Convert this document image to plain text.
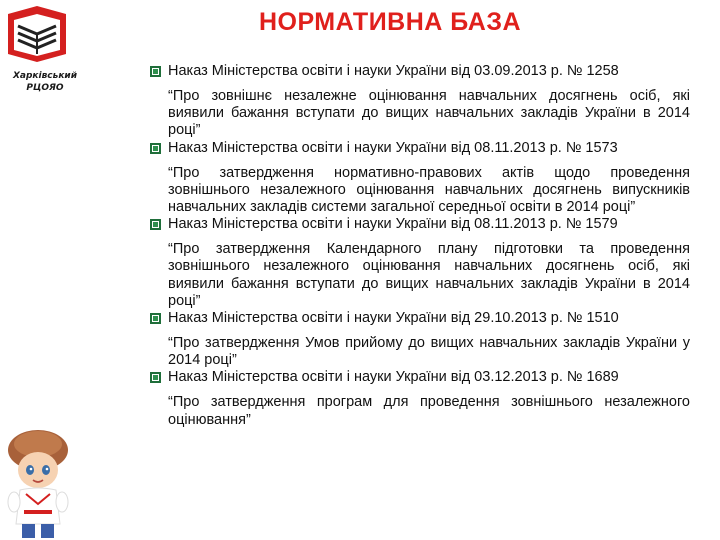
Харківський
РЦОЯО
НОРМАТИВНА БАЗА
Наказ Міністерства освіти і науки України від 03.09.2013 р. № 1258
“Про зовнішнє незалежне оцінювання навчальних досягнень осіб, які виявили бажання вступати до вищих навчальних закладів України в 2014 році”
Наказ Міністерства освіти і науки України від 08.11.2013 р. № 1573
“Про затвердження нормативно-правових актів щодо проведення зовнішнього незалежного оцінювання навчальних досягнень випускників навчальних закладів системи загальної середньої освіти в 2014 році”
Наказ Міністерства освіти і науки України від 08.11.2013 р. № 1579
“Про затвердження Календарного плану підготовки та проведення зовнішнього незалежного оцінювання навчальних досягнень осіб, які виявили бажання вступати до вищих навчальних закладів України в 2014 році”
Наказ Міністерства освіти і науки України від 29.10.2013 р. № 1510
“Про затвердження Умов прийому до вищих навчальних закладів України у 2014 році”
Наказ Міністерства освіти і науки України від 03.12.2013 р. № 1689
“Про затвердження програм для проведення зовнішнього незалежного оцінювання”
